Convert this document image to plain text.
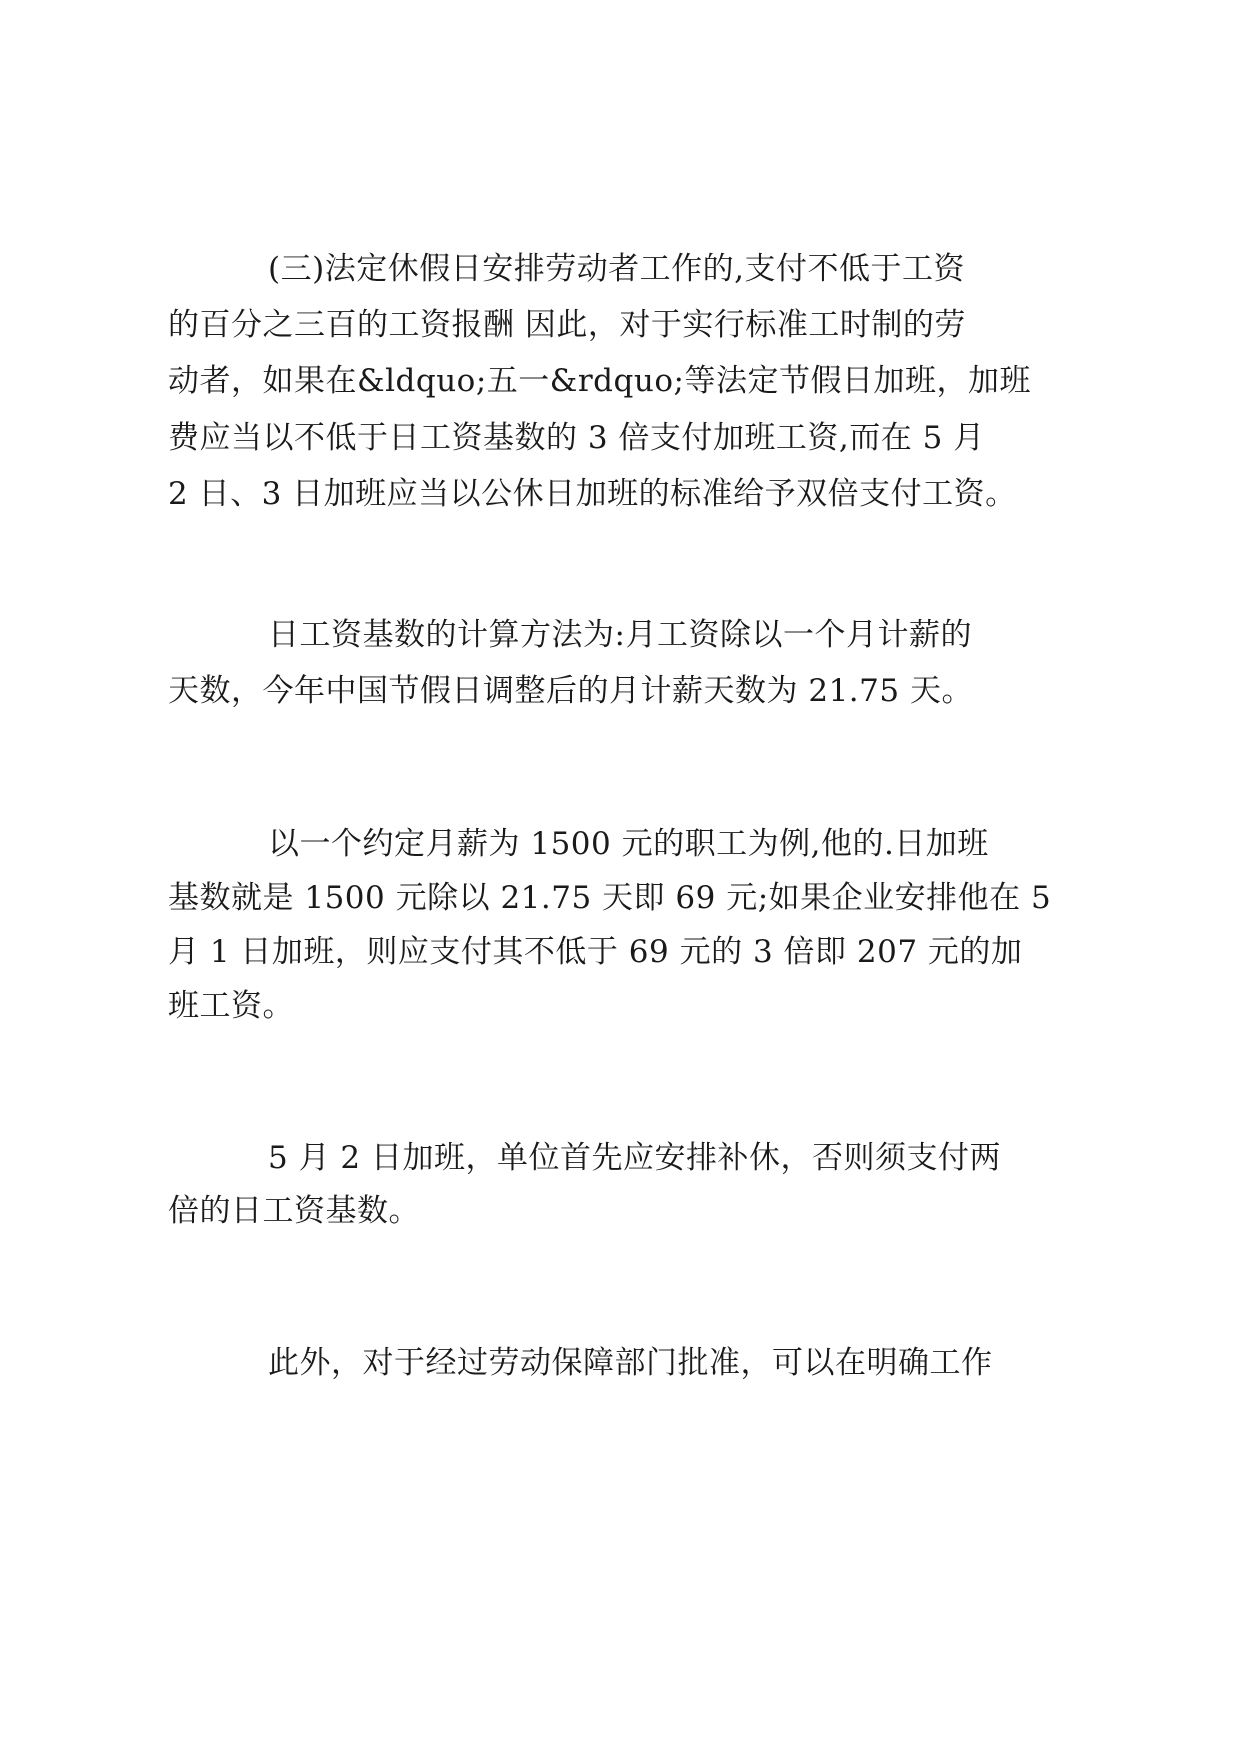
(三)法定休假日安排劳动者工作的,支付不低于工资
的百分之三百的工资报酬 因此，对于实行标准工时制的劳
动者，如果在&ldquo;五一&rdquo;等法定节假日加班，加班
费应当以不低于日工资基数的 3 倍支付加班工资,而在 5 月
2 日、3 日加班应当以公休日加班的标准给予双倍支付工资。
日工资基数的计算方法为:月工资除以一个月计薪的
天数，今年中国节假日调整后的月计薪天数为 21.75 天。
以一个约定月薪为 1500 元的职工为例,他的.日加班
基数就是 1500 元除以 21.75 天即 69 元;如果企业安排他在 5
月 1 日加班，则应支付其不低于 69 元的 3 倍即 207 元的加
班工资。
5 月 2 日加班，单位首先应安排补休，否则须支付两
倍的日工资基数。
此外，对于经过劳动保障部门批准，可以在明确工作
